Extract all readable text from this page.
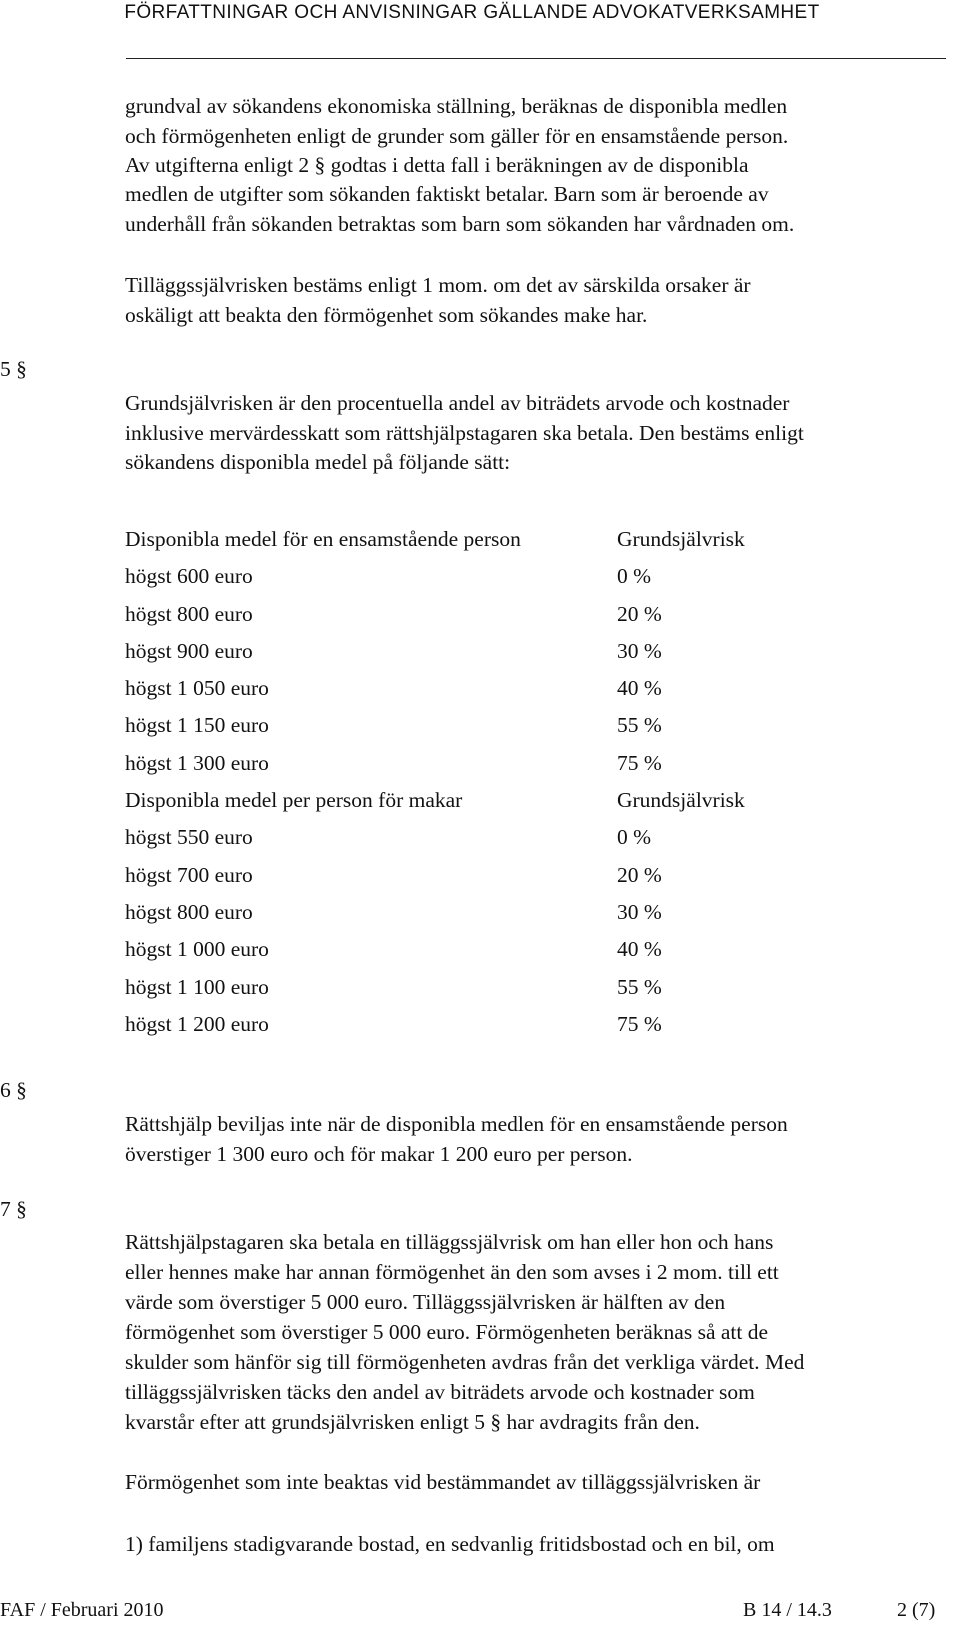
FÖRFATTNINGAR OCH ANVISNINGAR GÄLLANDE ADVOKATVERKSAMHET
grundval av sökandens ekonomiska ställning, beräknas de disponibla medlen
och förmögenheten enligt de grunder som gäller för en ensamstående person.
Av utgifterna enligt 2 § godtas i detta fall i beräkningen av de disponibla
medlen de utgifter som sökanden faktiskt betalar. Barn som är beroende av
underhåll från sökanden betraktas som barn som sökanden har vårdnaden om.
Tilläggssjälvrisken bestäms enligt 1 mom. om det av särskilda orsaker är
oskäligt att beakta den förmögenhet som sökandes make har.
5 §
Grundsjälvrisken är den procentuella andel av biträdets arvode och kostnader
inklusive mervärdesskatt som rättshjälpstagaren ska betala. Den bestäms enligt
sökandens disponibla medel på följande sätt:
Disponibla medel för en ensamstående person	Grundsjälvrisk
högst 600 euro	0 %
högst 800 euro	20 %
högst 900 euro	30 %
högst 1 050 euro	40 %
högst 1 150 euro	55 %
högst 1 300 euro	75 %
Disponibla medel per person för makar	Grundsjälvrisk
högst 550 euro	0 %
högst 700 euro	20 %
högst 800 euro	30 %
högst 1 000 euro	40 %
högst 1 100 euro	55 %
högst 1 200 euro	75 %
6 §
Rättshjälp beviljas inte när de disponibla medlen för en ensamstående person
överstiger 1 300 euro och för makar 1 200 euro per person.
7 §
Rättshjälpstagaren ska betala en tilläggssjälvrisk om han eller hon och hans
eller hennes make har annan förmögenhet än den som avses i 2 mom. till ett
värde som överstiger 5 000 euro. Tilläggssjälvrisken är hälften av den
förmögenhet som överstiger 5 000 euro. Förmögenheten beräknas så att de
skulder som hänför sig till förmögenheten avdras från det verkliga värdet. Med
tilläggssjälvrisken täcks den andel av biträdets arvode och kostnader som
kvarstår efter att grundsjälvrisken enligt 5 § har avdragits från den.
Förmögenhet som inte beaktas vid bestämmandet av tilläggssjälvrisken är
1) familjens stadigvarande bostad, en sedvanlig fritidsbostad och en bil, om
FAF / Februari 2010	B 14 / 14.3	2 (7)
